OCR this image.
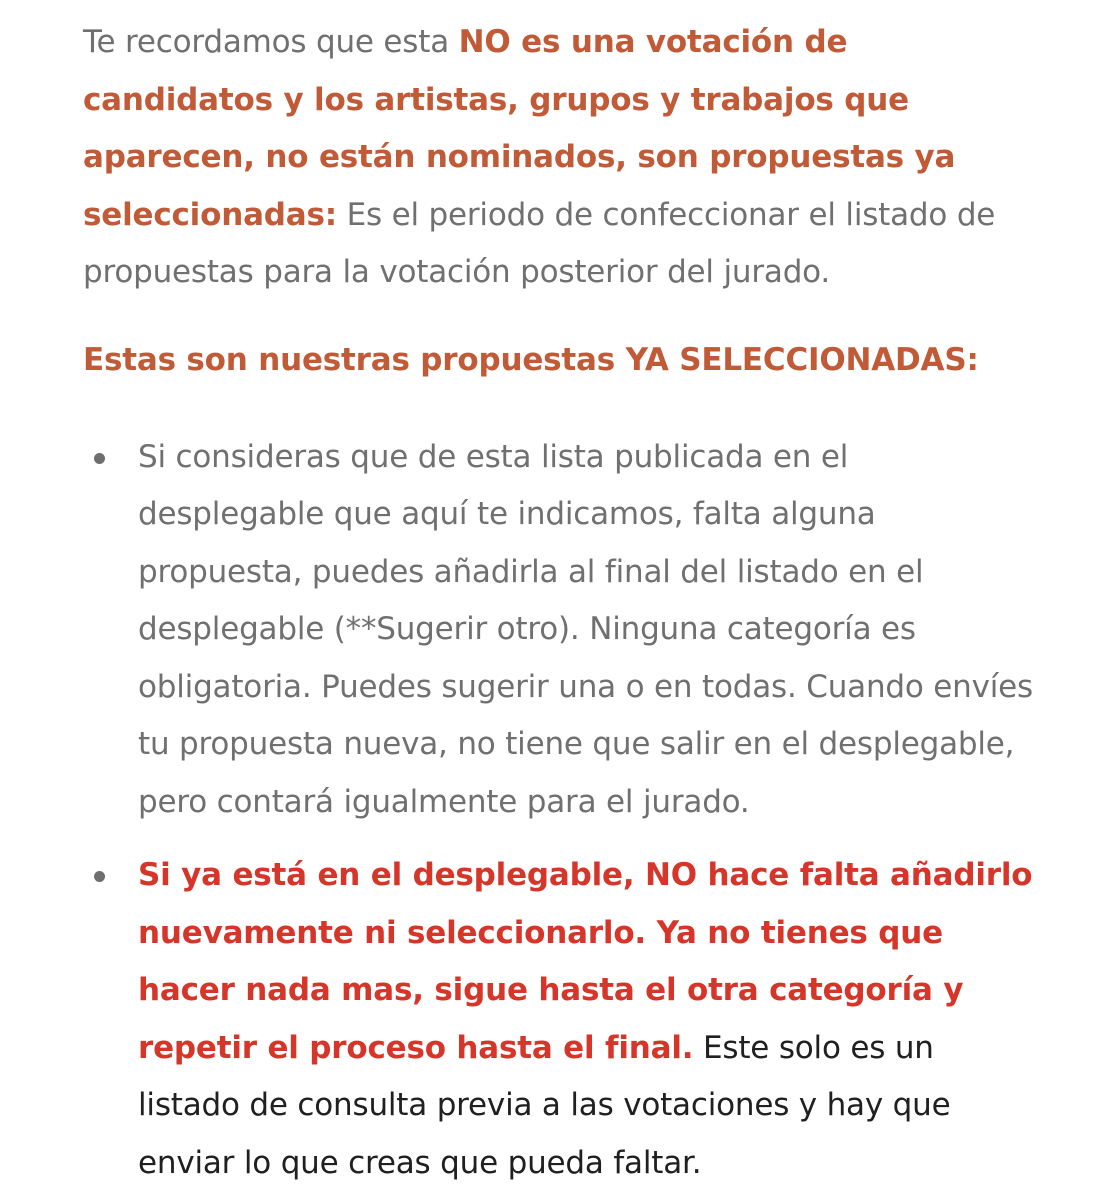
Te recordamos que esta NO es una votación de candidatos y los artistas, grupos y trabajos que aparecen, no están nominados, son propuestas ya seleccionadas: Es el periodo de confeccionar el listado de propuestas para la votación posterior del jurado.

Estas son nuestras propuestas YA SELECCIONADAS:
Si consideras que de esta lista publicada en el desplegable que aquí te indicamos, falta alguna propuesta, puedes añadirla al final del listado en el desplegable (**Sugerir otro). Ninguna categoría es obligatoria. Puedes sugerir una o en todas. Cuando envíes tu propuesta nueva, no tiene que salir en el desplegable, pero contará igualmente para el jurado.
Si ya está en el desplegable, NO hace falta añadirlo nuevamente ni seleccionarlo. Ya no tienes que hacer nada mas, sigue hasta el otra categoría y repetir el proceso hasta el final. Este solo es un listado de consulta previa a las votaciones y hay que enviar lo que creas que pueda faltar.
